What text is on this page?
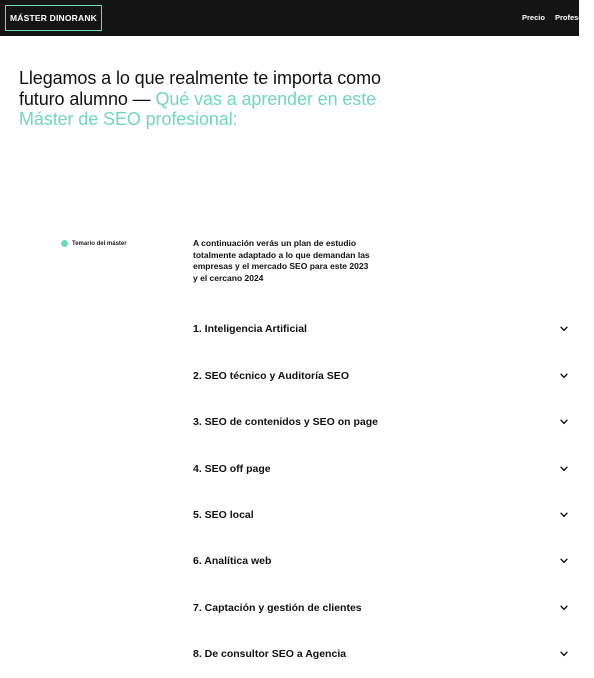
MÁSTER DINORANK	Precio Profesores
Llegamos a lo que realmente te importa como futuro alumno — Qué vas a aprender en este Máster de SEO profesional:
Temario del máster	A continuación verás un plan de estudio totalmente adaptado a lo que demandan las empresas y el mercado SEO para este 2023 y el cercano 2024

1. Inteligencia Artificial
2. SEO técnico y Auditoría SEO
3. SEO de contenidos y SEO on page
4. SEO off page
5. SEO local
6. Analítica web
7. Captación y gestión de clientes
8. De consultor SEO a Agencia
